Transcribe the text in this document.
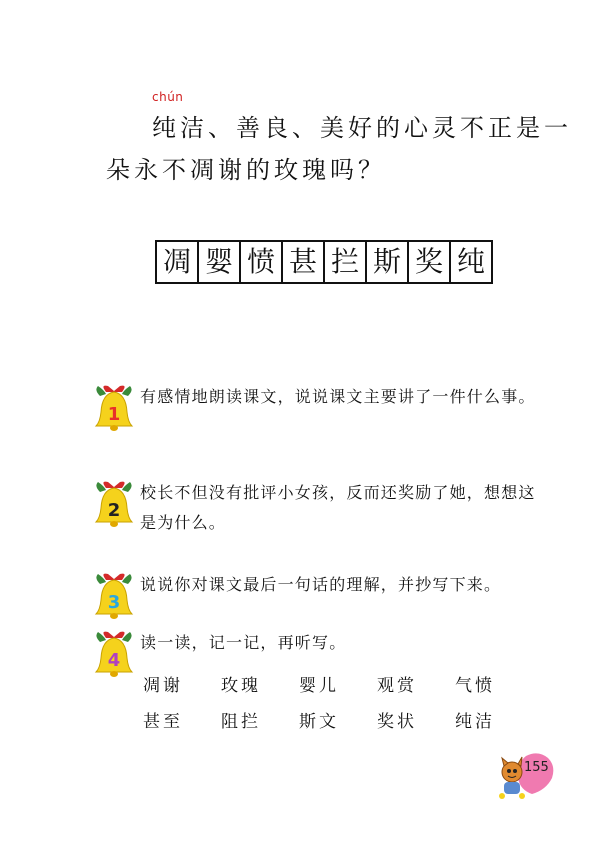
chún
纯洁、善良、美好的心灵不正是一
朵永不凋谢的玫瑰吗？
凋 婴 愤 甚 拦 斯 奖 纯
1
有感情地朗读课文，说说课文主要讲了一件什么事。
2
校长不但没有批评小女孩，反而还奖励了她，想想这是为什么。
3
说说你对课文最后一句话的理解，并抄写下来。
4
读一读，记一记，再听写。
凋谢	玫瑰	婴儿	观赏	气愤
甚至	阻拦	斯文	奖状	纯洁
155
